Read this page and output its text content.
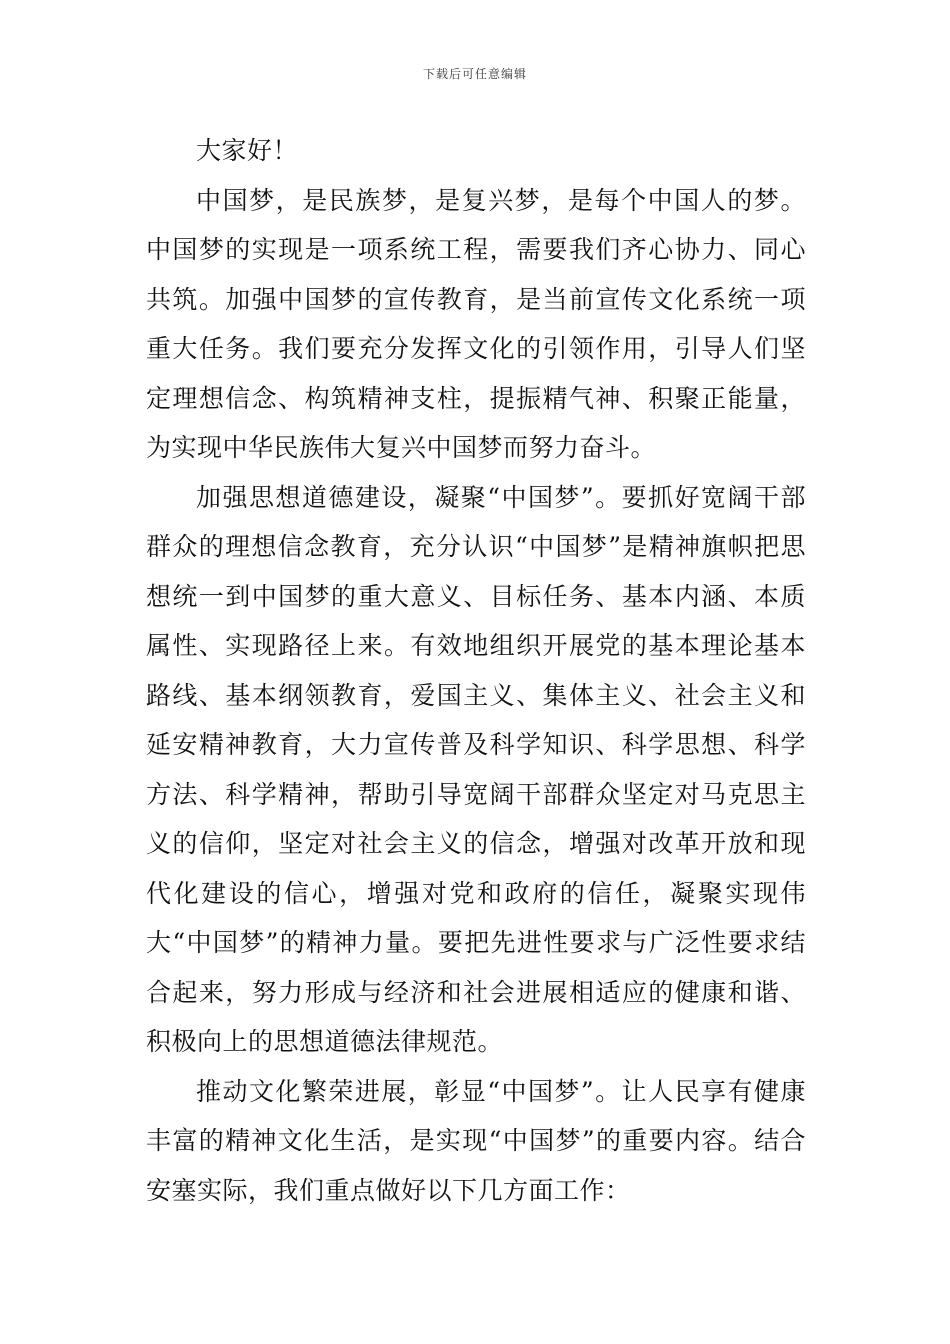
下载后可任意编辑

大家好！

中国梦，是民族梦，是复兴梦，是每个中国人的梦。中国梦的实现是一项系统工程，需要我们齐心协力、同心共筑。加强中国梦的宣传教育，是当前宣传文化系统一项重大任务。我们要充分发挥文化的引领作用，引导人们坚定理想信念、构筑精神支柱，提振精气神、积聚正能量，为实现中华民族伟大复兴中国梦而努力奋斗。

加强思想道德建设，凝聚“中国梦”。要抓好宽阔干部群众的理想信念教育，充分认识“中国梦”是精神旗帜把思想统一到中国梦的重大意义、目标任务、基本内涵、本质属性、实现路径上来。有效地组织开展党的基本理论基本路线、基本纲领教育，爱国主义、集体主义、社会主义和延安精神教育，大力宣传普及科学知识、科学思想、科学方法、科学精神，帮助引导宽阔干部群众坚定对马克思主义的信仰，坚定对社会主义的信念，增强对改革开放和现代化建设的信心，增强对党和政府的信任，凝聚实现伟大“中国梦”的精神力量。要把先进性要求与广泛性要求结合起来，努力形成与经济和社会进展相适应的健康和谐、积极向上的思想道德法律规范。

推动文化繁荣进展，彰显“中国梦”。让人民享有健康丰富的精神文化生活，是实现“中国梦”的重要内容。结合安塞实际，我们重点做好以下几方面工作：
